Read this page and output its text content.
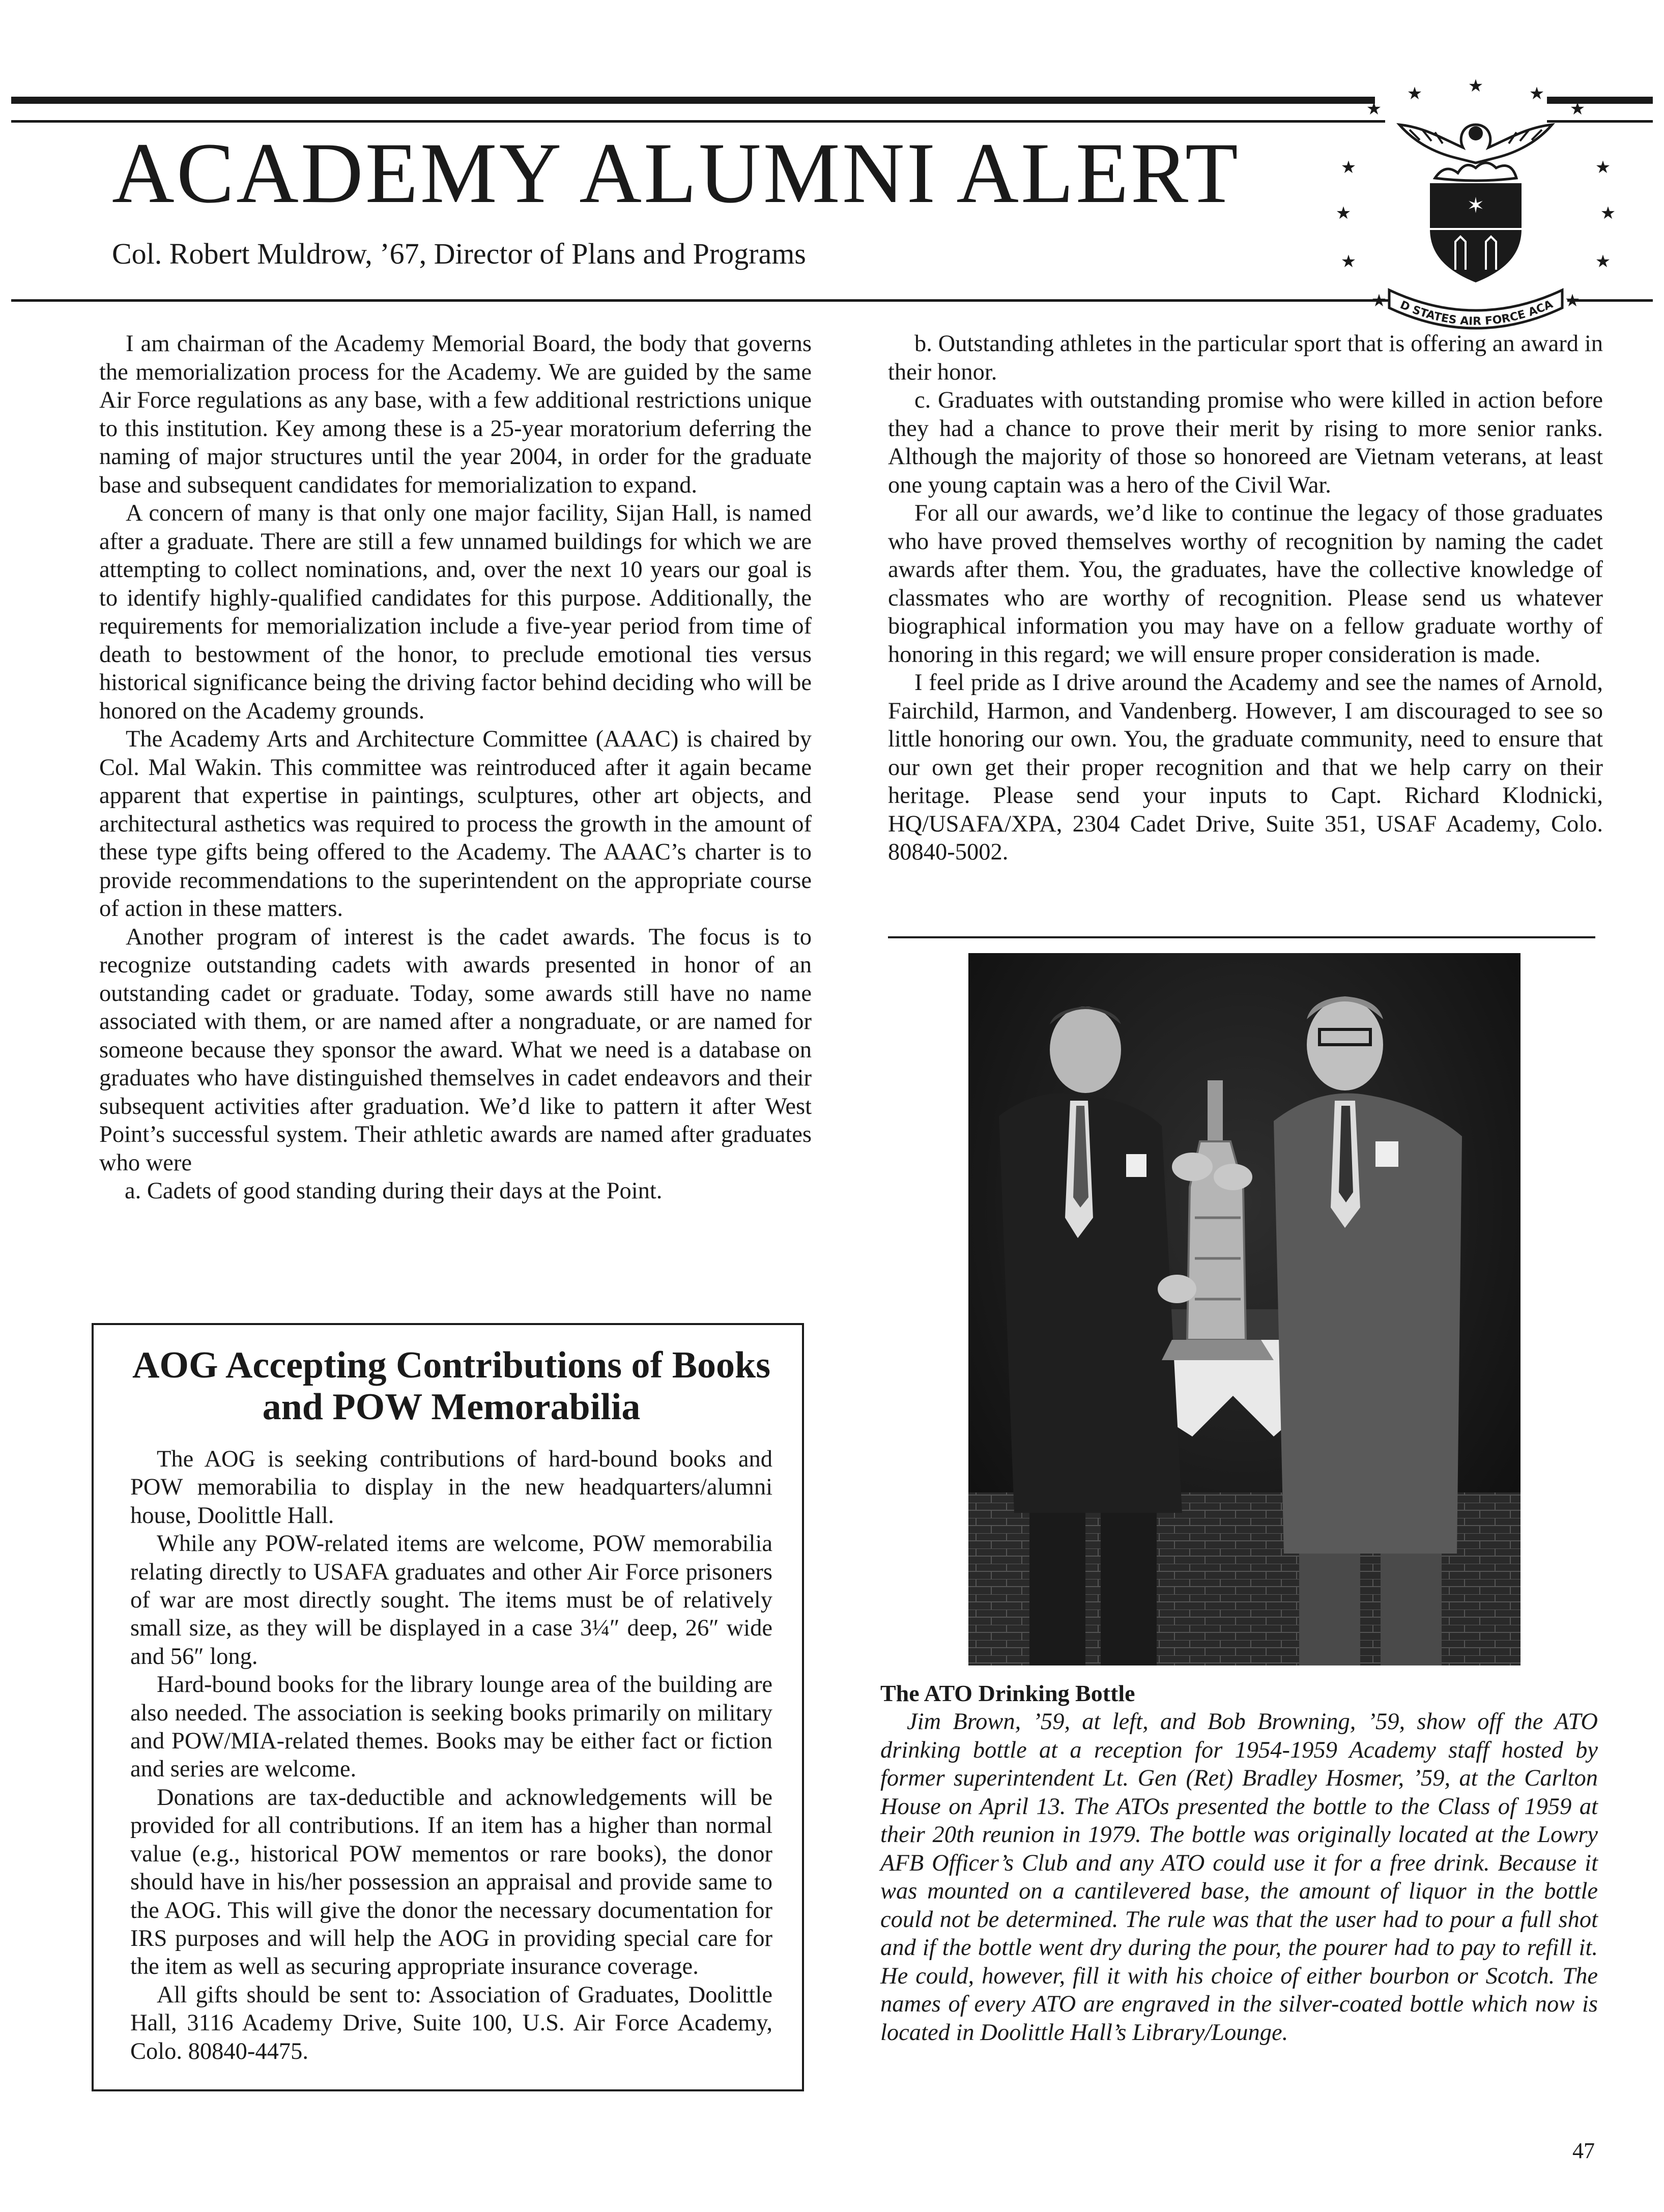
ACADEMY ALUMNI ALERT

Col. Robert Muldrow, ’67, Director of Plans and Programs

★
★	★	★
★
★	★
★	★
★	★
★	★
✶
D STATES AIR FORCE ACA

I am chairman of the Academy Memorial Board, the body that governs the memorialization process for the Academy. We are guided by the same Air Force regulations as any base, with a few additional restrictions unique to this institution. Key among these is a 25-year moratorium deferring the naming of major structures until the year 2004, in order for the graduate base and subsequent candidates for memorialization to expand.

A concern of many is that only one major facility, Sijan Hall, is named after a graduate. There are still a few unnamed buildings for which we are attempting to collect nominations, and, over the next 10 years our goal is to identify highly-qualified candidates for this purpose. Additionally, the requirements for memorialization include a five-year period from time of death to bestowment of the honor, to preclude emotional ties versus historical significance being the driving factor behind deciding who will be honored on the Academy grounds.

The Academy Arts and Architecture Committee (AAAC) is chaired by Col. Mal Wakin. This committee was reintroduced after it again became apparent that expertise in paintings, sculptures, other art objects, and architectural asthetics was required to process the growth in the amount of these type gifts being offered to the Academy. The AAAC’s charter is to provide recommendations to the superintendent on the appropriate course of action in these matters.

Another program of interest is the cadet awards. The focus is to recognize outstanding cadets with awards presented in honor of an outstanding cadet or graduate. Today, some awards still have no name associated with them, or are named after a nongraduate, or are named for someone because they sponsor the award. What we need is a database on graduates who have distinguished themselves in cadet endeavors and their subsequent activities after graduation. We’d like to pattern it after West Point’s successful system. Their athletic awards are named after graduates who were

a. Cadets of good standing during their days at the Point.

b. Outstanding athletes in the particular sport that is offering an award in their honor.

c. Graduates with outstanding promise who were killed in action before they had a chance to prove their merit by rising to more senior ranks. Although the majority of those so honoreed are Vietnam veterans, at least one young captain was a hero of the Civil War.

For all our awards, we’d like to continue the legacy of those graduates who have proved themselves worthy of recognition by naming the cadet awards after them. You, the graduates, have the collective knowledge of classmates who are worthy of recognition. Please send us whatever biographical information you may have on a fellow graduate worthy of honoring in this regard; we will ensure proper consideration is made.

I feel pride as I drive around the Academy and see the names of Arnold, Fairchild, Harmon, and Vandenberg. However, I am discouraged to see so little honoring our own. You, the graduate community, need to ensure that our own get their proper recognition and that we help carry on their heritage. Please send your inputs to Capt. Richard Klodnicki, HQ/USAFA/XPA, 2304 Cadet Drive, Suite 351, USAF Academy, Colo. 80840-5002.

AOG Accepting Contributions of Books and POW Memorabilia

The AOG is seeking contributions of hard-bound books and POW memorabilia to display in the new headquarters/alumni house, Doolittle Hall.

While any POW-related items are welcome, POW memorabilia relating directly to USAFA graduates and other Air Force prisoners of war are most directly sought. The items must be of relatively small size, as they will be displayed in a case 3¼″ deep, 26″ wide and 56″ long.

Hard-bound books for the library lounge area of the building are also needed. The association is seeking books primarily on military and POW/MIA-related themes. Books may be either fact or fiction and series are welcome.

Donations are tax-deductible and acknowledgements will be provided for all contributions. If an item has a higher than normal value (e.g., historical POW mementos or rare books), the donor should have in his/her possession an appraisal and provide same to the AOG. This will give the donor the necessary documentation for IRS purposes and will help the AOG in providing special care for the item as well as securing appropriate insurance coverage.

All gifts should be sent to: Association of Graduates, Doolittle Hall, 3116 Academy Drive, Suite 100, U.S. Air Force Academy, Colo. 80840-4475.

The ATO Drinking Bottle

Jim Brown, ’59, at left, and Bob Browning, ’59, show off the ATO drinking bottle at a reception for 1954-1959 Academy staff hosted by former superintendent Lt. Gen (Ret) Bradley Hosmer, ’59, at the Carlton House on April 13. The ATOs presented the bottle to the Class of 1959 at their 20th reunion in 1979. The bottle was originally located at the Lowry AFB Officer’s Club and any ATO could use it for a free drink. Because it was mounted on a cantilevered base, the amount of liquor in the bottle could not be determined. The rule was that the user had to pour a full shot and if the bottle went dry during the pour, the pourer had to pay to refill it. He could, however, fill it with his choice of either bourbon or Scotch. The names of every ATO are engraved in the silver-coated bottle which now is located in Doolittle Hall’s Library/Lounge.

47
